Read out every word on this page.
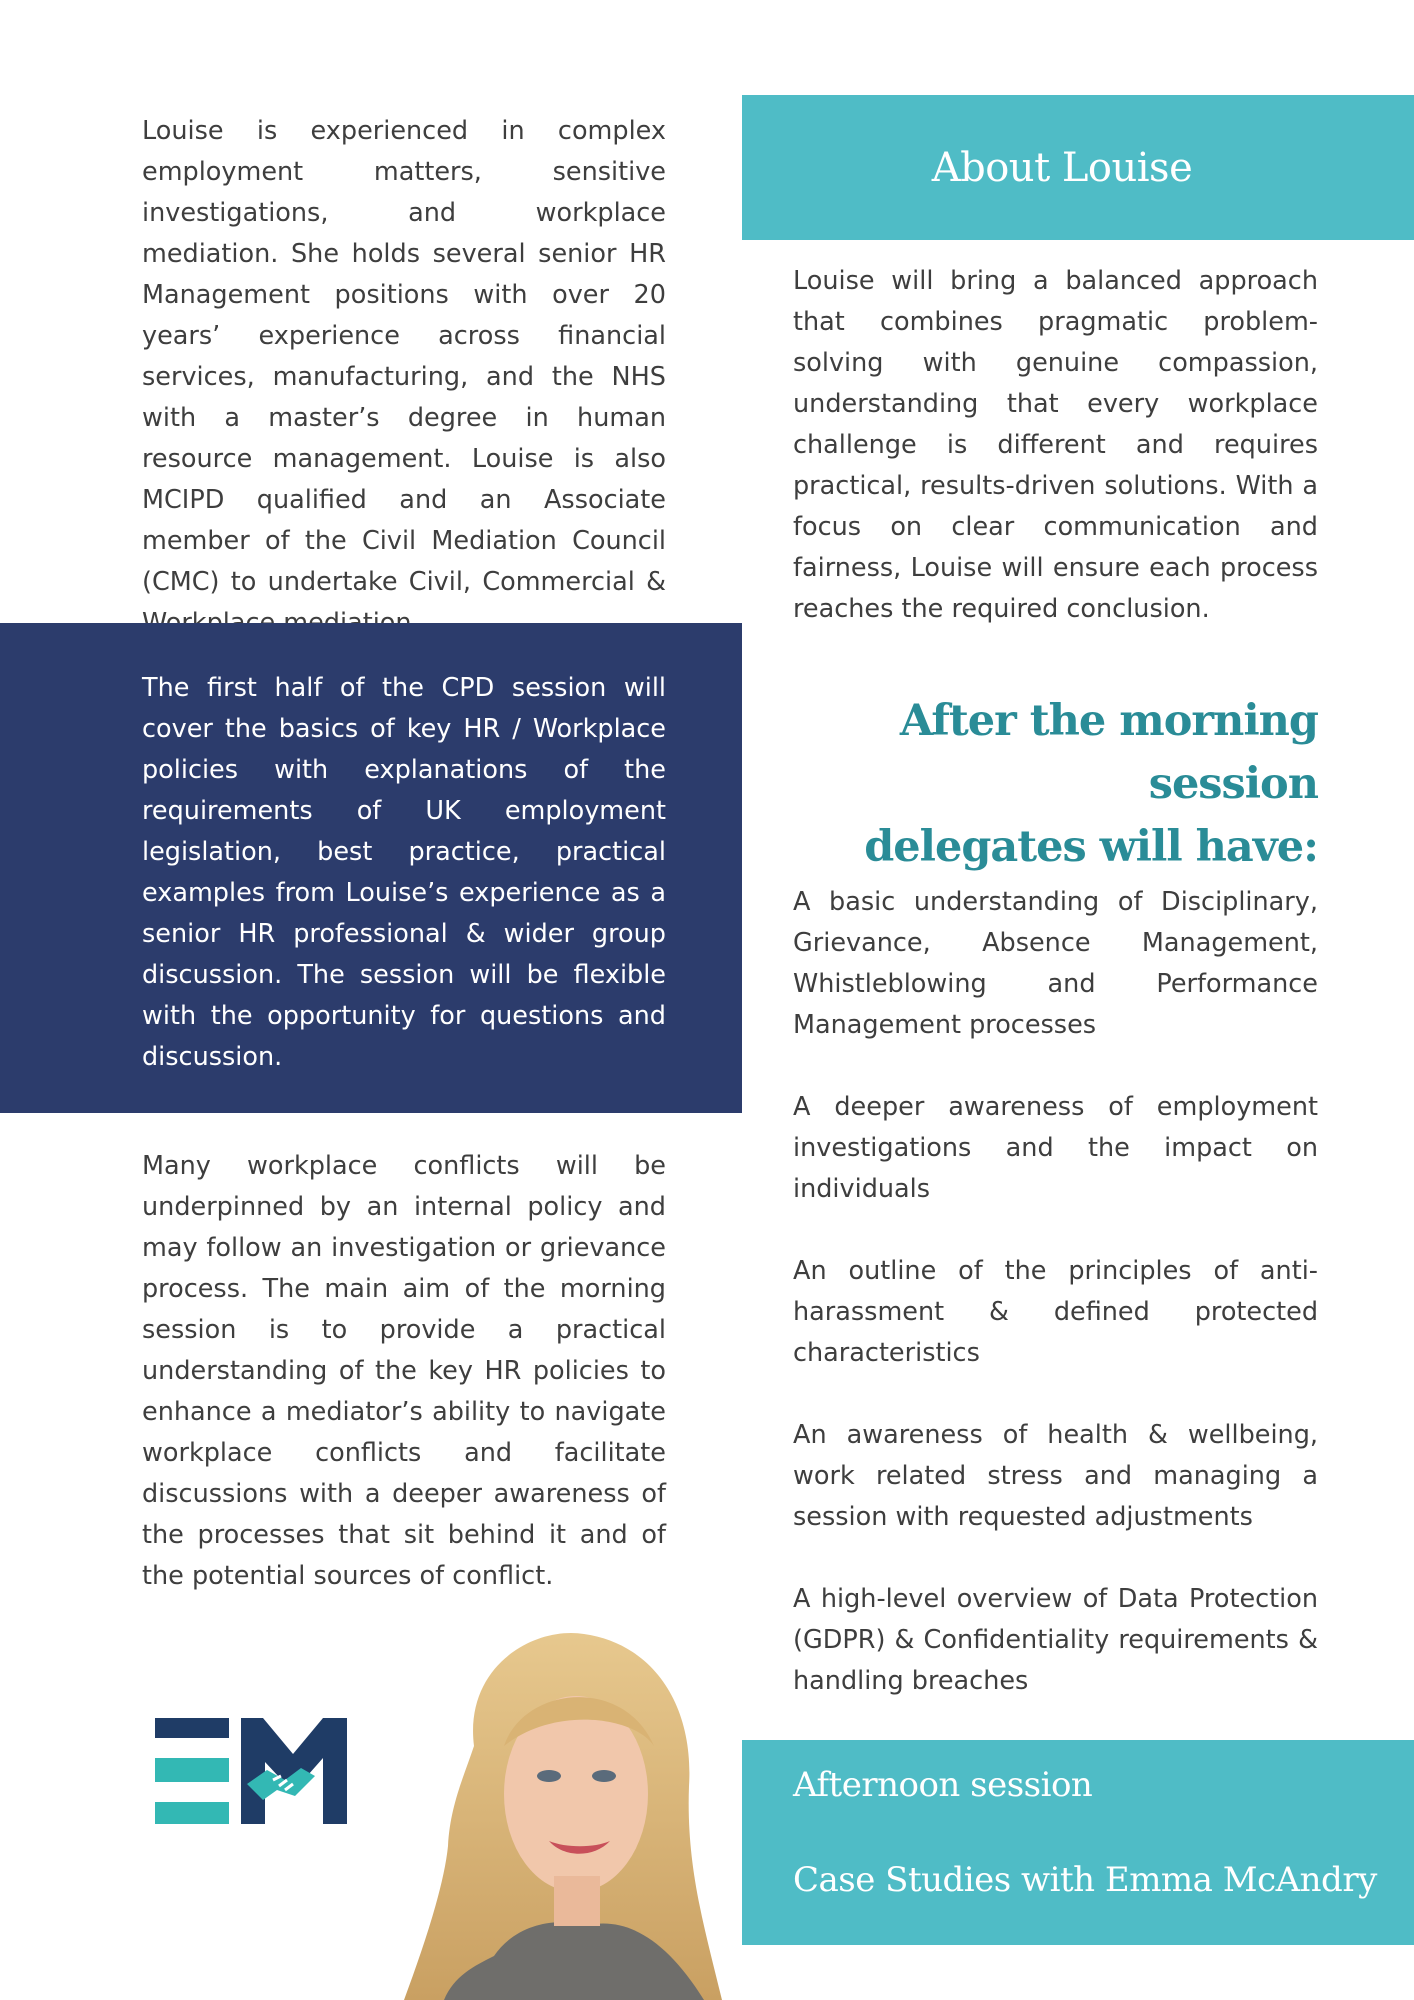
Louise is experienced in complex employment matters, sensitive investigations, and workplace mediation. She holds several senior HR Management positions with over 20 years’ experience across financial services, manufacturing, and the NHS with a master’s degree in human resource management. Louise is also MCIPD qualified and an Associate member of the Civil Mediation Council (CMC) to undertake Civil, Commercial &

The first half of the CPD session will cover the basics of key HR / Workplace policies with explanations of the requirements of UK employment legislation, best practice, practical examples from Louise’s experience as a senior HR professional & wider group discussion. The session will be flexible with the opportunity for questions and discussion.

Many workplace conflicts will be underpinned by an internal policy and may follow an investigation or grievance process. The main aim of the morning session is to provide a practical understanding of the key HR policies to enhance a mediator’s ability to navigate workplace conflicts and facilitate discussions with a deeper awareness of the processes that sit behind it and of the potential sources of conflict.

About Louise

Louise will bring a balanced approach that combines pragmatic problem-solving with genuine compassion, understanding that every workplace challenge is different and requires practical, results-driven solutions. With a focus on clear communication and fairness, Louise will ensure each process reaches the required conclusion.

After the morning session
delegates will have:
A basic understanding of Disciplinary, Grievance, Absence Management, Whistleblowing and Performance Management processes
A deeper awareness of employment investigations and the impact on individuals
An outline of the principles of anti-harassment & defined protected characteristics
An awareness of health & wellbeing, work related stress and managing a session with requested adjustments
A high-level overview of Data Protection (GDPR) & Confidentiality requirements & handling breaches
Afternoon session
Case Studies with Emma McAndry
